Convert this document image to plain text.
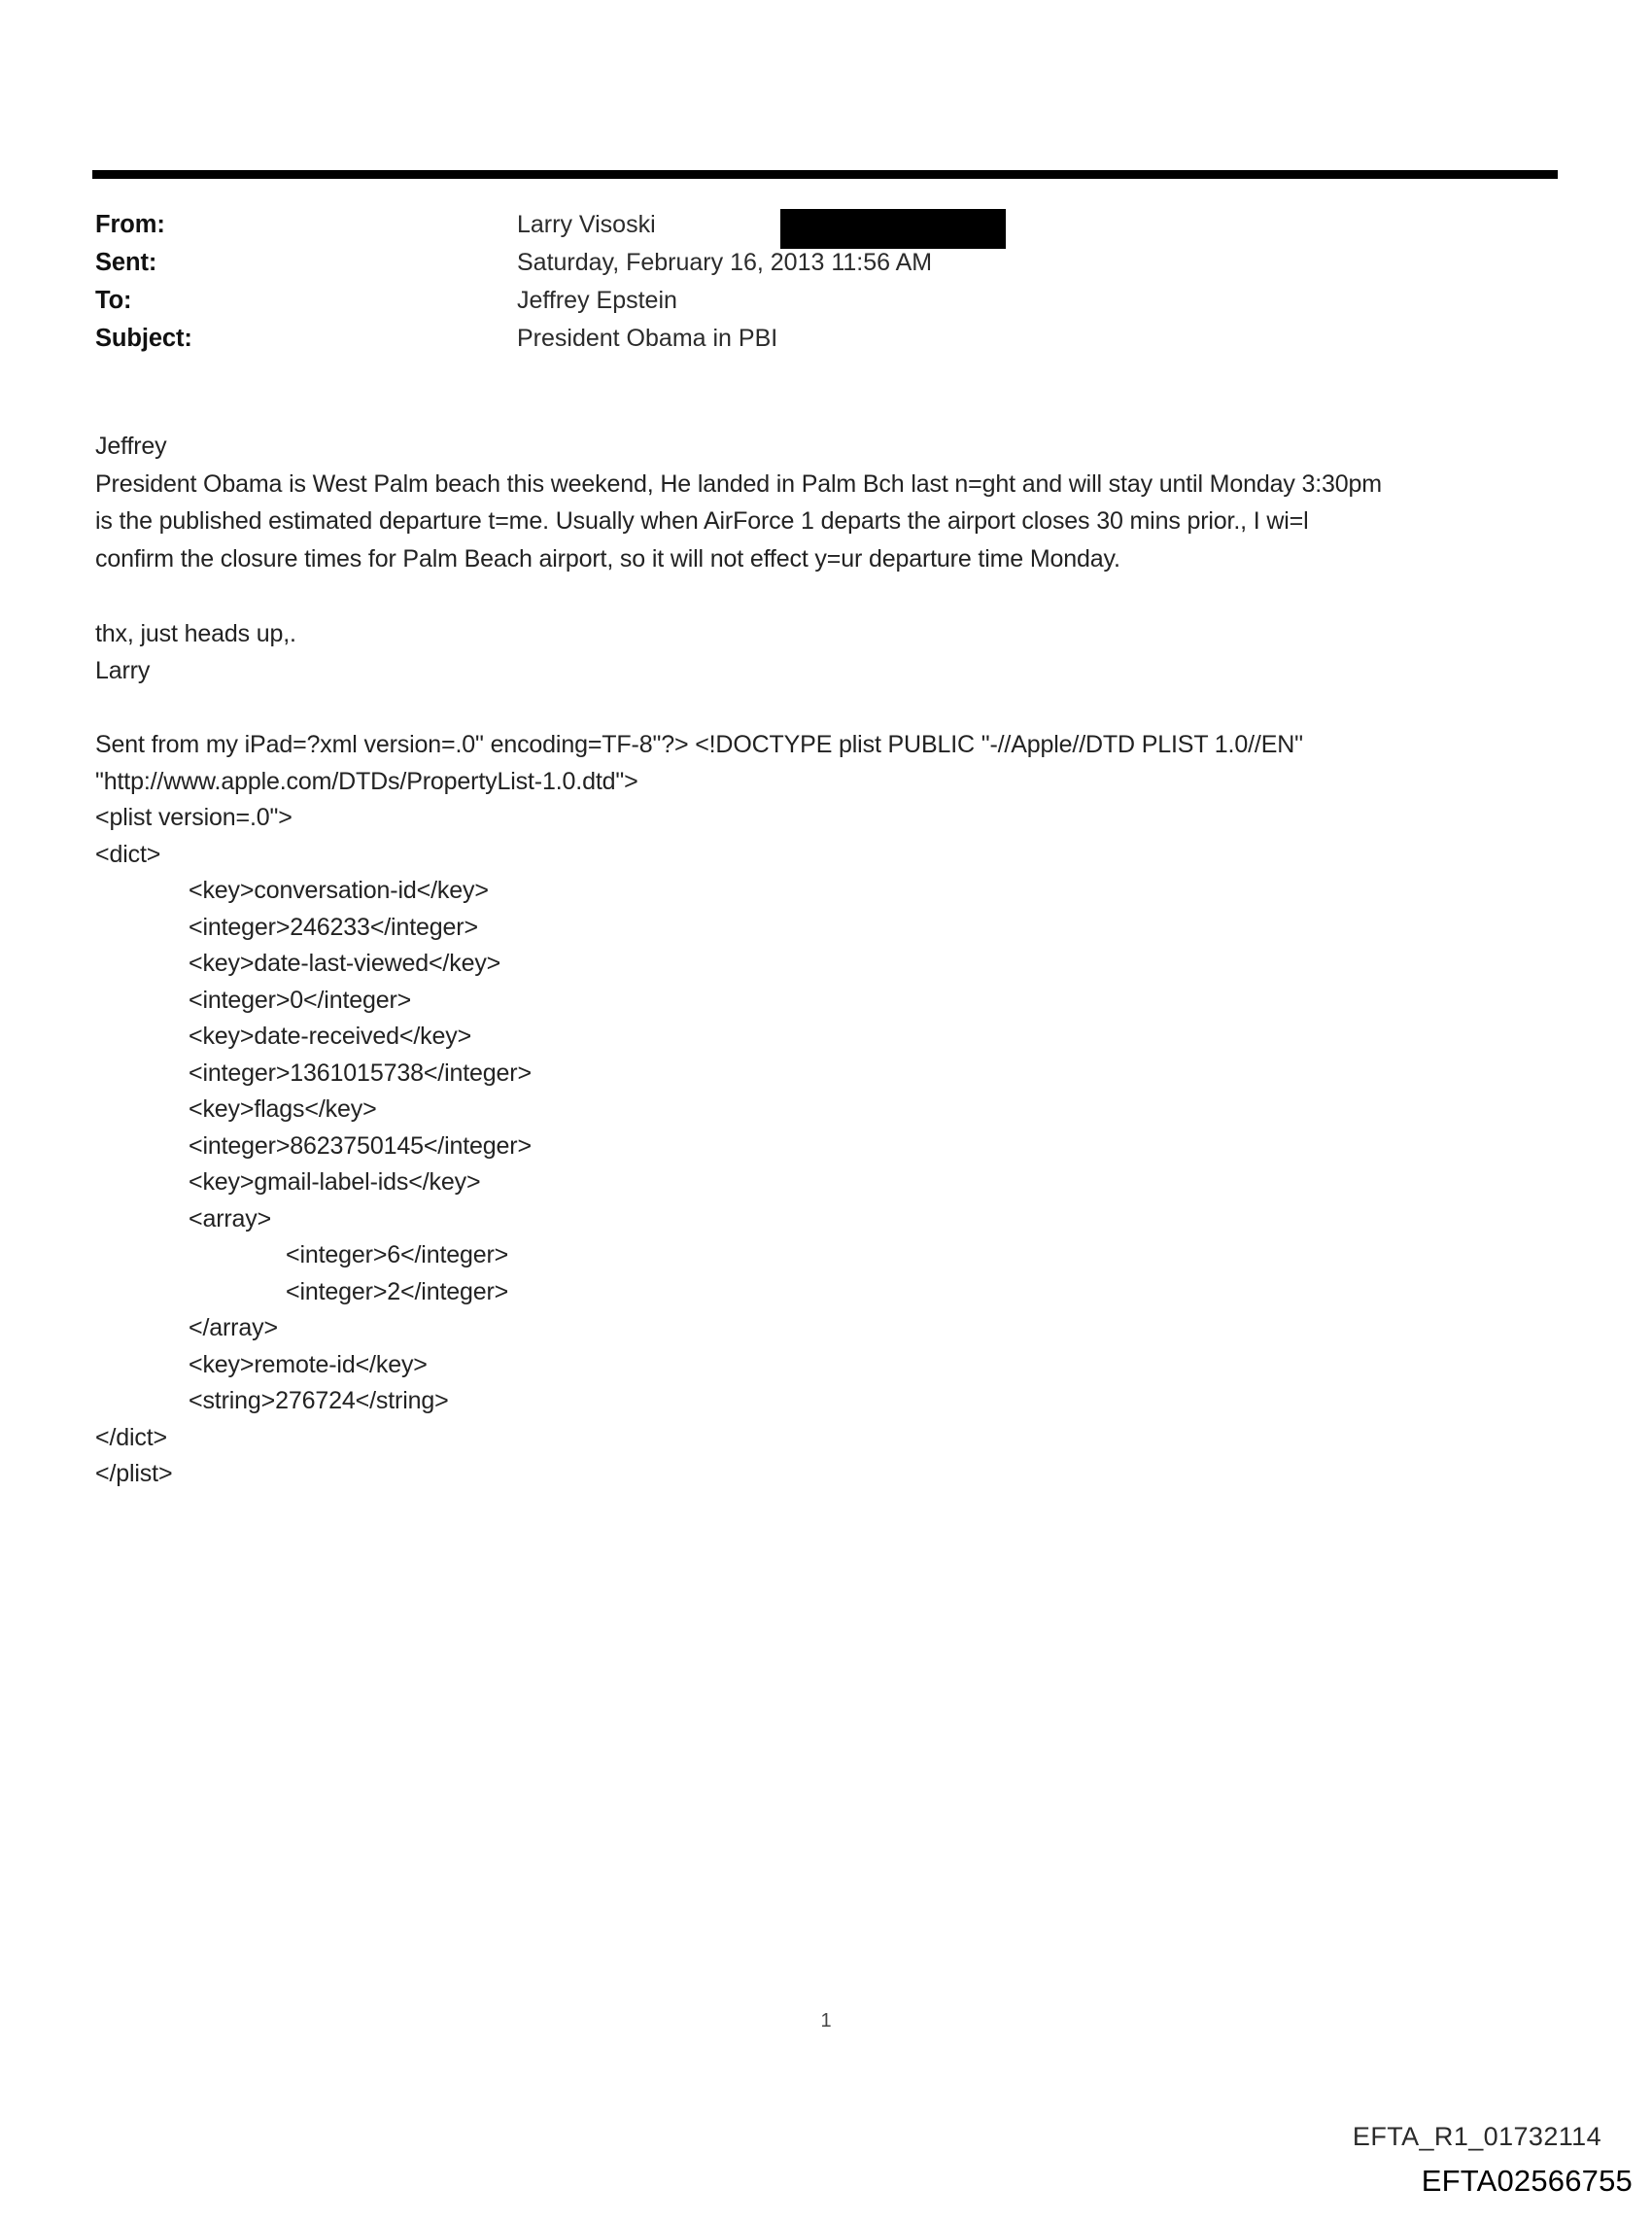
From:	Larry Visoski
Sent:	Saturday, February 16, 2013 11:56 AM
To:	Jeffrey Epstein
Subject:	President Obama in PBI
Jeffrey
President Obama is West Palm beach this weekend, He landed in Palm Bch last n=ght and will stay until Monday 3:30pm
is the published estimated departure t=me. Usually when AirForce 1 departs the airport closes 30 mins prior., I wi=l
confirm the closure times for Palm Beach airport, so it will not effect y=ur departure time Monday.
thx, just heads up,.
Larry
Sent from my iPad=?xml version=.0" encoding=TF-8"?> <!DOCTYPE plist PUBLIC "-//Apple//DTD PLIST 1.0//EN"
"http://www.apple.com/DTDs/PropertyList-1.0.dtd">
<plist version=.0">
<dict>
<key>conversation-id</key>
<integer>246233</integer>
<key>date-last-viewed</key>
<integer>0</integer>
<key>date-received</key>
<integer>1361015738</integer>
<key>flags</key>
<integer>8623750145</integer>
<key>gmail-label-ids</key>
<array>
<integer>6</integer>
<integer>2</integer>
</array>
<key>remote-id</key>
<string>276724</string>
</dict>
</plist>
1
EFTA_R1_01732114
EFTA02566755
